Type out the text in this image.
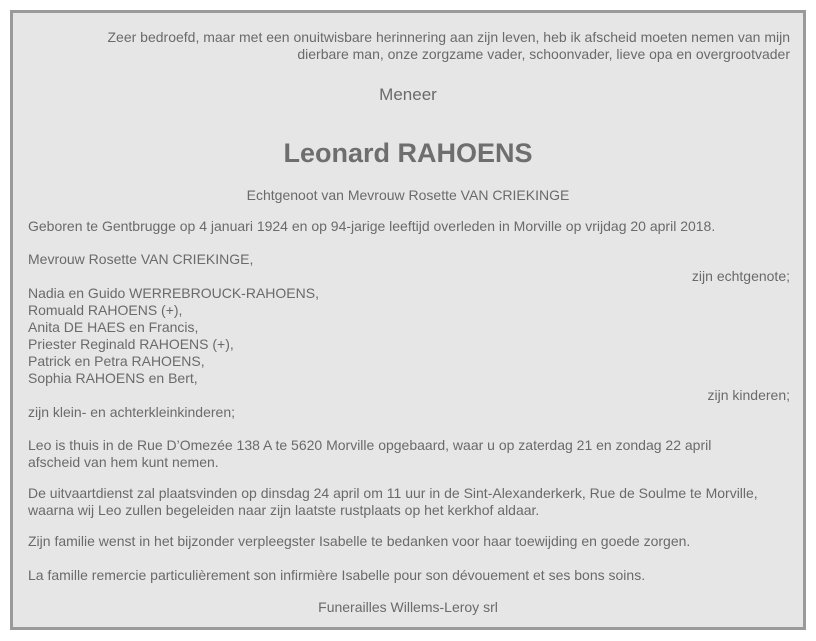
Zeer bedroefd, maar met een onuitwisbare herinnering aan zijn leven, heb ik afscheid moeten nemen van mijn
dierbare man, onze zorgzame vader, schoonvader, lieve opa en overgrootvader

Meneer

Leonard RAHOENS

Echtgenoot van Mevrouw Rosette VAN CRIEKINGE

Geboren te Gentbrugge op 4 januari 1924 en op 94-jarige leeftijd overleden in Morville op vrijdag 20 april 2018.

Mevrouw Rosette VAN CRIEKINGE,

zijn echtgenote;

Nadia en Guido WERREBROUCK-RAHOENS,
Romuald RAHOENS (+),
Anita DE HAES en Francis,
Priester Reginald RAHOENS (+),
Patrick en Petra RAHOENS,
Sophia RAHOENS en Bert,

zijn kinderen;

zijn klein- en achterkleinkinderen;

Leo is thuis in de Rue D’Omezée 138 A te 5620 Morville opgebaard, waar u op zaterdag 21 en zondag 22 april
afscheid van hem kunt nemen.

De uitvaartdienst zal plaatsvinden op dinsdag 24 april om 11 uur in de Sint-Alexanderkerk, Rue de Soulme te Morville,
waarna wij Leo zullen begeleiden naar zijn laatste rustplaats op het kerkhof aldaar.

Zijn familie wenst in het bijzonder verpleegster Isabelle te bedanken voor haar toewijding en goede zorgen.

La famille remercie particulièrement son infirmière Isabelle pour son dévouement et ses bons soins.

Funerailles Willems-Leroy srl
